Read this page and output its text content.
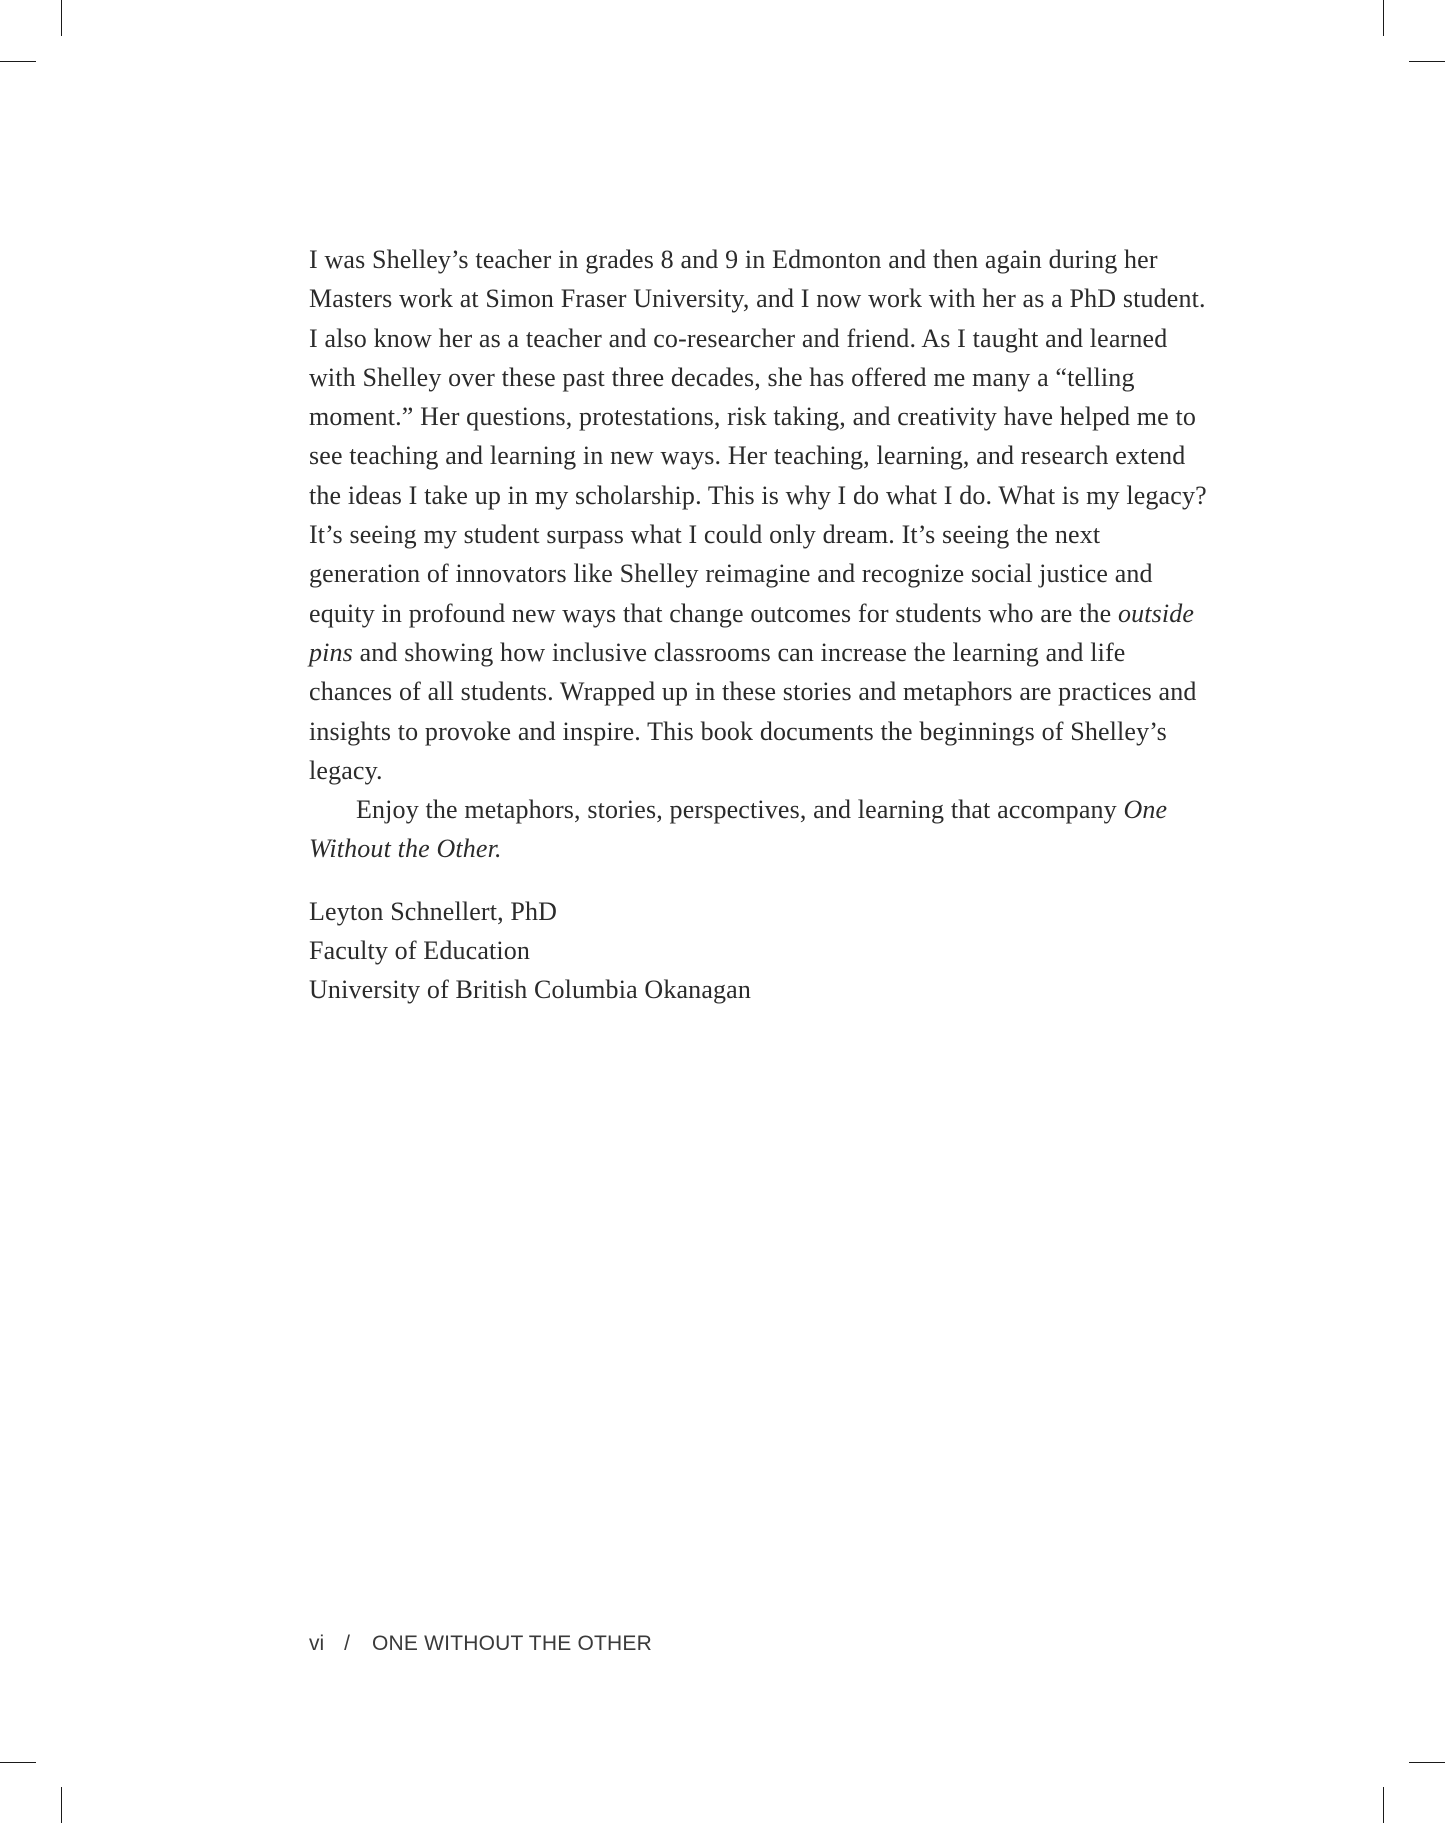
I was Shelley’s teacher in grades 8 and 9 in Edmonton and then again during her Masters work at Simon Fraser University, and I now work with her as a PhD student. I also know her as a teacher and co-researcher and friend. As I taught and learned with Shelley over these past three decades, she has offered me many a “telling moment.” Her questions, protestations, risk taking, and creativity have helped me to see teaching and learning in new ways. Her teaching, learning, and research extend the ideas I take up in my scholarship. This is why I do what I do. What is my legacy? It’s seeing my student surpass what I could only dream. It’s seeing the next generation of innovators like Shelley reimagine and recognize social justice and equity in profound new ways that change outcomes for students who are the outside pins and showing how inclusive classrooms can increase the learning and life chances of all students. Wrapped up in these stories and metaphors are practices and insights to provoke and inspire. This book documents the beginnings of Shelley’s legacy.

Enjoy the metaphors, stories, perspectives, and learning that accompany One Without the Other.

Leyton Schnellert, PhD
Faculty of Education
University of British Columbia Okanagan
vi / ONE WITHOUT THE OTHER
